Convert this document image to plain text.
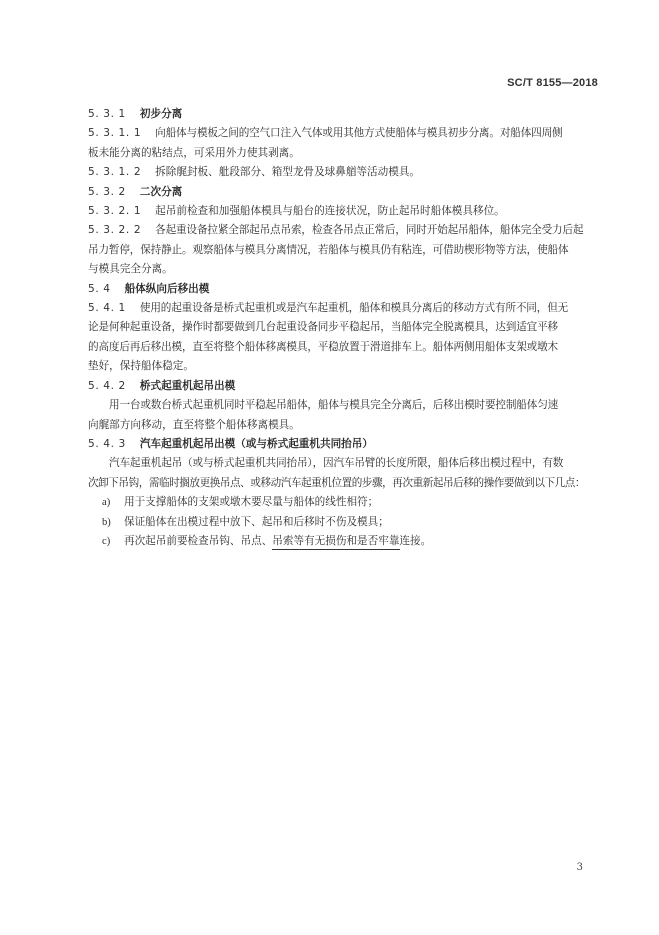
SC/T 8155—2018
5. 3. 1 初步分离
5. 3. 1. 1 向船体与模板之间的空气口注入气体或用其他方式使船体与模具初步分离。对船体四周侧
板未能分离的粘结点，可采用外力使其剥离。
5. 3. 1. 2 拆除艉封板、舭段部分、箱型龙骨及球鼻艏等活动模具。
5. 3. 2 二次分离
5. 3. 2. 1 起吊前检查和加强船体模具与船台的连接状况，防止起吊时船体模具移位。
5. 3. 2. 2 各起重设备拉紧全部起吊点吊索，检查各吊点正常后，同时开始起吊船体，船体完全受力后起
吊力暂停，保持静止。观察船体与模具分离情况，若船体与模具仍有粘连，可借助楔形物等方法，使船体
与模具完全分离。
5. 4 船体纵向后移出模
5. 4. 1 使用的起重设备是桥式起重机或是汽车起重机，船体和模具分离后的移动方式有所不同，但无
论是何种起重设备，操作时都要做到几台起重设备同步平稳起吊，当船体完全脱离模具，达到适宜平移
的高度后再后移出模，直至将整个船体移离模具，平稳放置于滑道排车上。船体两侧用船体支架或墩木
垫好，保持船体稳定。
5. 4. 2 桥式起重机起吊出模
用一台或数台桥式起重机同时平稳起吊船体，船体与模具完全分离后，后移出模时要控制船体匀速
向艉部方向移动，直至将整个船体移离模具。
5. 4. 3 汽车起重机起吊出模（或与桥式起重机共同抬吊）
汽车起重机起吊（或与桥式起重机共同抬吊），因汽车吊臂的长度所限，船体后移出模过程中，有数
次卸下吊钩，需临时搁放更换吊点、或移动汽车起重机位置的步骤，再次重新起吊后移的操作要做到以下几点：
a) 用于支撑船体的支架或墩木要尽量与船体的线性相符；
b) 保证船体在出模过程中放下、起吊和后移时不伤及模具；
c) 再次起吊前要检查吊钩、吊点、吊索等有无损伤和是否牢靠连接。
3
